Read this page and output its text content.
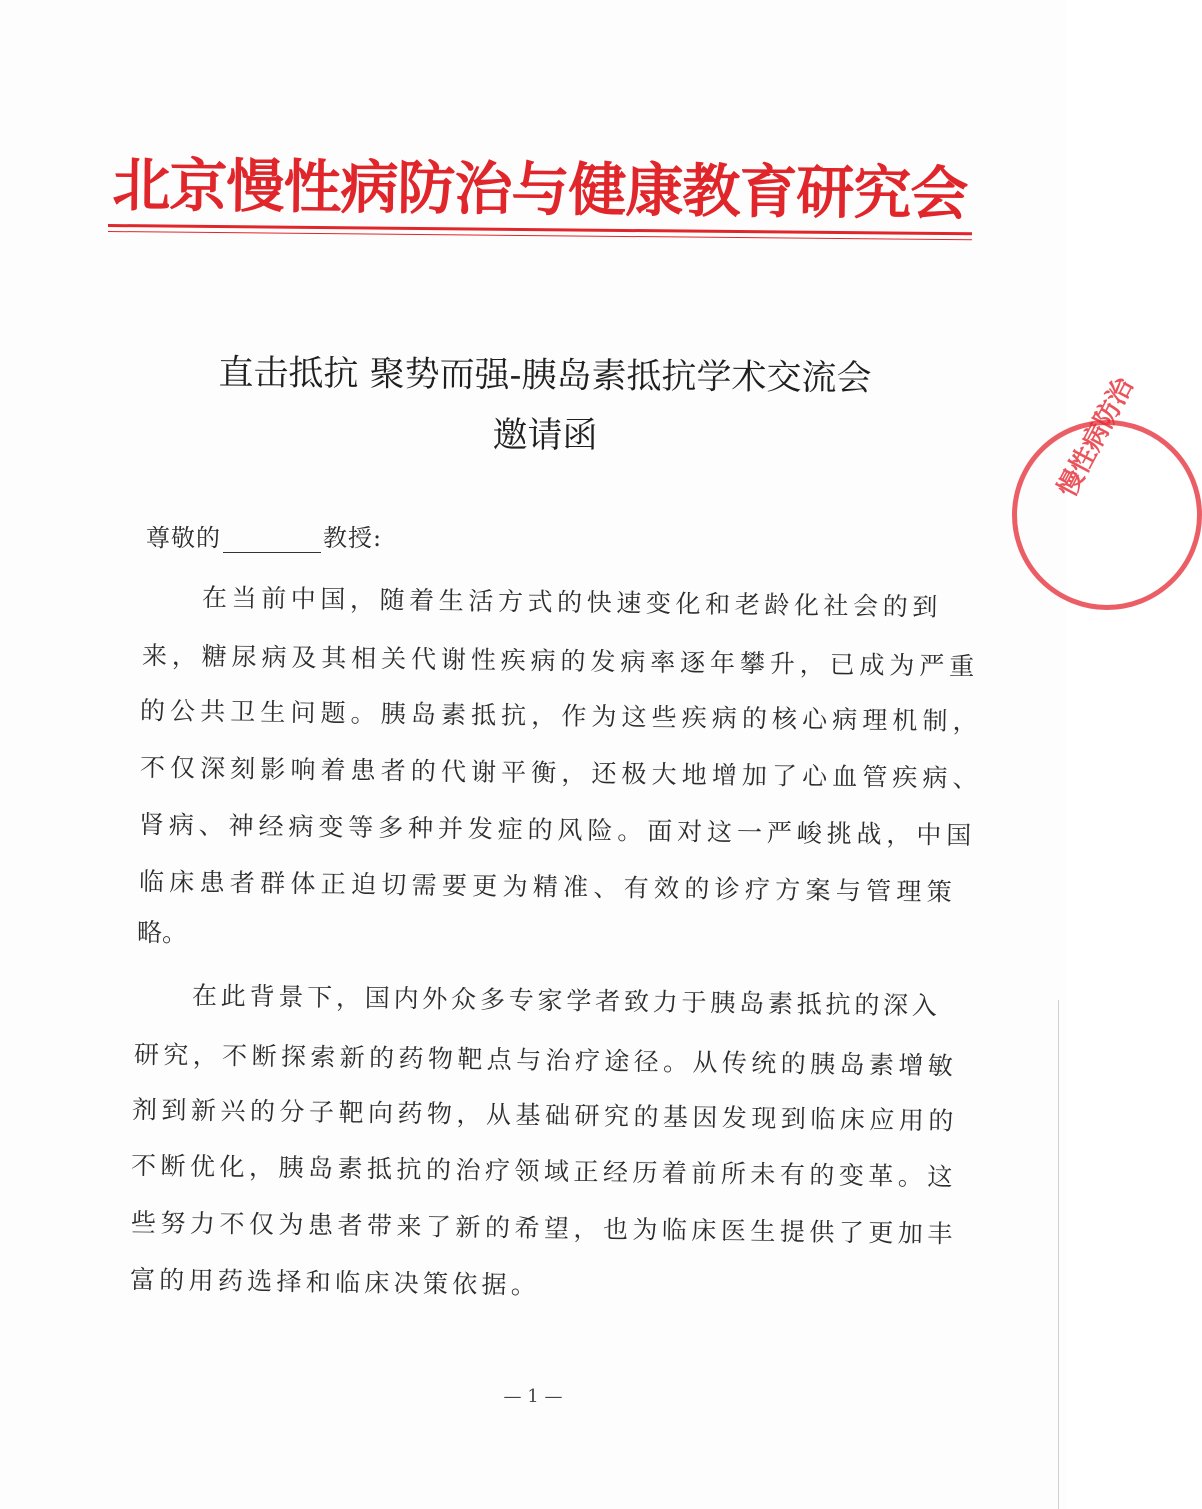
北京慢性病防治与健康教育研究会
直击抵抗 聚势而强-胰岛素抵抗学术交流会
邀请函
尊敬的	教授:
在当前中国，随着生活方式的快速变化和老龄化社会的到
来，糖尿病及其相关代谢性疾病的发病率逐年攀升，已成为严重
的公共卫生问题。胰岛素抵抗，作为这些疾病的核心病理机制，
不仅深刻影响着患者的代谢平衡，还极大地增加了心血管疾病、
肾病、神经病变等多种并发症的风险。面对这一严峻挑战，中国
临床患者群体正迫切需要更为精准、有效的诊疗方案与管理策
略。
在此背景下，国内外众多专家学者致力于胰岛素抵抗的深入
研究，不断探索新的药物靶点与治疗途径。从传统的胰岛素增敏
剂到新兴的分子靶向药物，从基础研究的基因发现到临床应用的
不断优化，胰岛素抵抗的治疗领域正经历着前所未有的变革。这
些努力不仅为患者带来了新的希望，也为临床医生提供了更加丰
富的用药选择和临床决策依据。
慢性病防治
— 1 —
